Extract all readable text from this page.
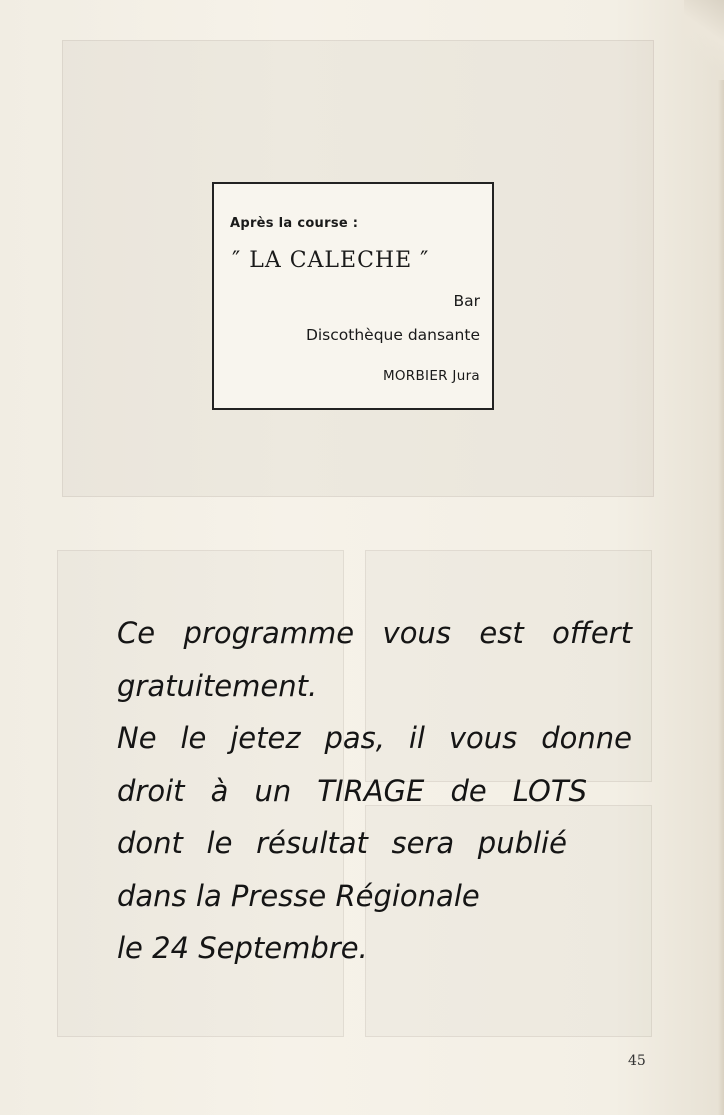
Après la course :
″ LA CALECHE ″
Bar
Discothèque dansante
MORBIER Jura
Ce programme vous est offert
gratuitement.
Ne le jetez pas, il vous donne
droit à un TIRAGE de LOTS
dont le résultat sera publié
dans la Presse Régionale
le 24 Septembre.
45
